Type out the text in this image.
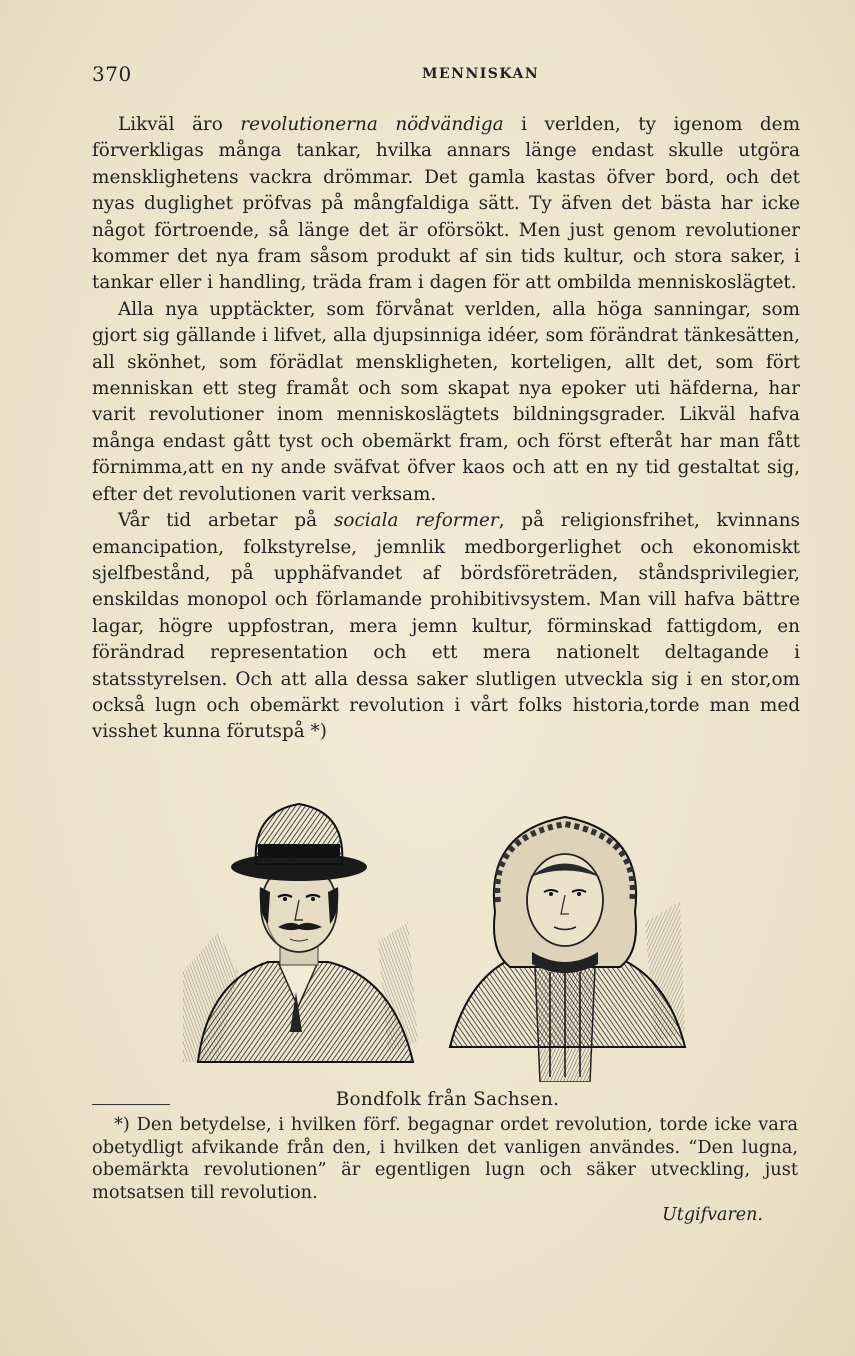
370	MENNISKAN

Likväl äro revolutionerna nödvändiga i verlden, ty igenom dem förverkligas många tankar, hvilka annars länge endast skulle utgöra mensklighetens vackra drömmar. Det gamla kastas öfver bord, och det nyas duglighet pröfvas på mångfaldiga sätt. Ty äfven det bästa har icke något förtroende, så länge det är oförsökt. Men just genom revolutioner kommer det nya fram såsom produkt af sin tids kultur, och stora saker, i tankar eller i handling, träda fram i dagen för att ombilda menniskoslägtet.

Alla nya upptäckter, som förvånat verlden, alla höga sanningar, som gjort sig gällande i lifvet, alla djupsinniga idéer, som förändrat tänkesätten, all skönhet, som förädlat menskligheten, korteligen, allt det, som fört menniskan ett steg framåt och som skapat nya epoker uti häfderna, har varit revolutioner inom menniskoslägtets bildningsgrader. Likväl hafva många endast gått tyst och obemärkt fram, och först efteråt har man fått förnimma,att en ny ande sväfvat öfver kaos och att en ny tid gestaltat sig, efter det revolutionen varit verksam.

Vår tid arbetar på sociala reformer, på religionsfrihet, kvinnans emancipation, folkstyrelse, jemnlik medborgerlighet och ekonomiskt sjelfbestånd, på upphäfvandet af bördsföreträden, ståndsprivilegier, enskildas monopol och förlamande prohibitivsystem. Man vill hafva bättre lagar, högre uppfostran, mera jemn kultur, förminskad fattigdom, en förändrad representation och ett mera nationelt deltagande i statsstyrelsen. Och att alla dessa saker slutligen utveckla sig i en stor,om också lugn och obemärkt revolution i vårt folks historia,torde man med visshet kunna förutspå *)

Bondfolk från Sachsen.

*) Den betydelse, i hvilken förf. begagnar ordet revolution, torde icke vara obetydligt afvikande från den, i hvilken det vanligen användes. “Den lugna, obemärkta revolutionen” är egentligen lugn och säker utveckling, just motsatsen till revolution.

Utgifvaren.
